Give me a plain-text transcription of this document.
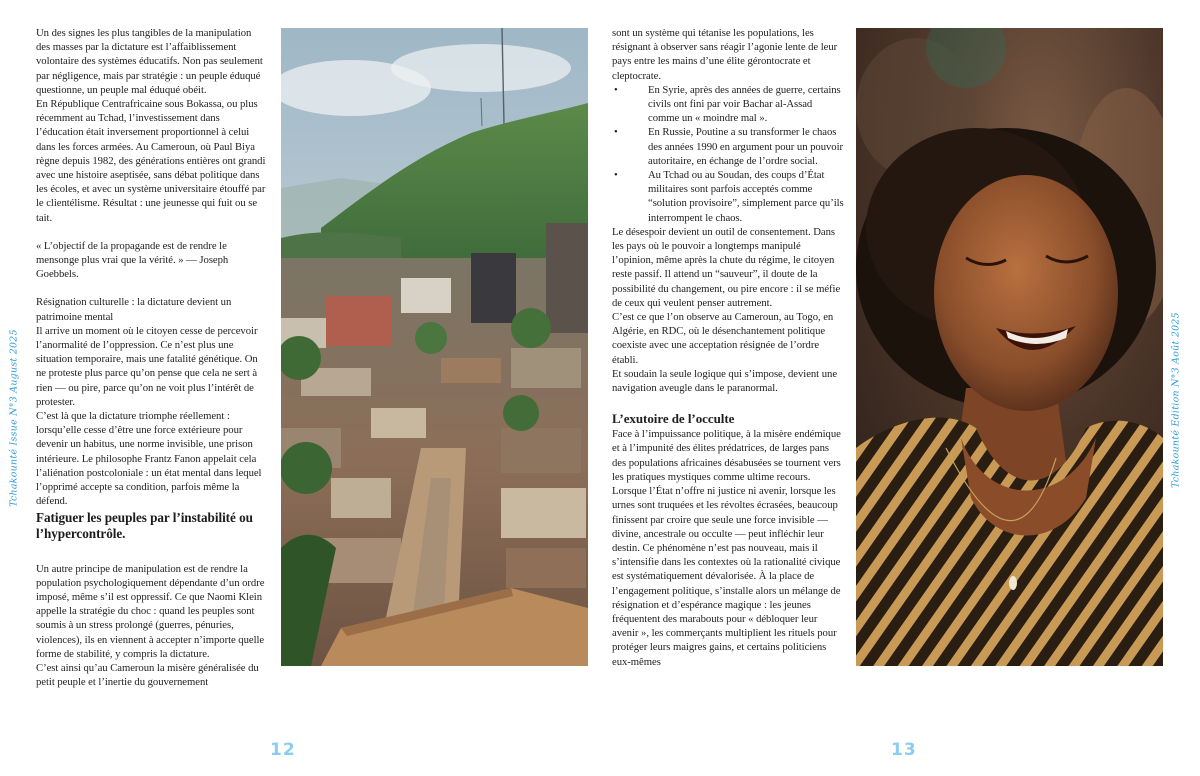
Un des signes les plus tangibles de la manipulation des masses par la dictature est l’affaiblissement volontaire des systèmes éducatifs. Non pas seulement par négligence, mais par stratégie : un peuple éduqué questionne, un peuple mal éduqué obéit.

En République Centrafricaine sous Bokassa, ou plus récemment au Tchad, l’investissement dans l’éducation était inversement proportionnel à celui dans les forces armées. Au Cameroun, où Paul Biya règne depuis 1982, des générations entières ont grandi avec une histoire aseptisée, sans débat politique dans les écoles, et avec un système universitaire étouffé par le clientélisme. Résultat : une jeunesse qui fuit ou se tait.

« L’objectif de la propagande est de rendre le mensonge plus vrai que la vérité. » — Joseph Goebbels.

Résignation culturelle : la dictature devient un patrimoine mental

Il arrive un moment où le citoyen cesse de percevoir l’anormalité de l’oppression. Ce n’est plus une situation temporaire, mais une fatalité génétique. On ne proteste plus parce qu’on pense que cela ne sert à rien — ou pire, parce qu’on ne voit plus l’intérêt de protester.

C’est là que la dictature triomphe réellement : lorsqu’elle cesse d’être une force extérieure pour devenir un habitus, une norme invisible, une prison intérieure. Le philosophe Frantz Fanon appelait cela l’aliénation postcoloniale : un état mental dans lequel l’opprimé accepte sa condition, parfois même la défend.

Fatiguer les peuples par l’instabilité ou l’hypercontrôle.

Un autre principe de manipulation est de rendre la population psychologiquement dépendante d’un ordre imposé, même s’il est oppressif. Ce que Naomi Klein appelle la stratégie du choc : quand les peuples sont soumis à un stress prolongé (guerres, pénuries, violences), ils en viennent à accepter n’importe quelle forme de stabilité, y compris la dictature.

C’est ainsi qu’au Cameroun la misère généralisée du petit peuple et l’inertie du gouvernement

Tchakounté Issue N°3 August 2025
12

sont un système qui tétanise les populations, les résignant à observer sans réagir l’agonie lente de leur pays entre les mains d’une élite gérontocrate et cleptocrate.

•	En Syrie, après des années de guerre, certains civils ont fini par voir Bachar al-Assad comme un « moindre mal ».
•	En Russie, Poutine a su transformer le chaos des années 1990 en argument pour un pouvoir autoritaire, en échange de l’ordre social.
•	Au Tchad ou au Soudan, des coups d’État militaires sont parfois acceptés comme “solution provisoire”, simplement parce qu’ils interrompent le chaos.

Le désespoir devient un outil de consentement. Dans les pays où le pouvoir a longtemps manipulé l’opinion, même après la chute du régime, le citoyen reste passif. Il attend un “sauveur”, il doute de la possibilité du changement, ou pire encore : il se méfie de ceux qui veulent penser autrement.

C’est ce que l’on observe au Cameroun, au Togo, en Algérie, en RDC, où le désenchantement politique coexiste avec une acceptation résignée de l’ordre établi.

Et soudain la seule logique qui s’impose, devient une navigation aveugle dans le paranormal.

L’exutoire de l’occulte

Face à l’impuissance politique, à la misère endémique et à l’impunité des élites prédatrices, de larges pans des populations africaines désabusées se tournent vers les pratiques mystiques comme ultime recours. Lorsque l’État n’offre ni justice ni avenir, lorsque les urnes sont truquées et les révoltes écrasées, beaucoup finissent par croire que seule une force invisible — divine, ancestrale ou occulte — peut infléchir leur destin. Ce phénomène n’est pas nouveau, mais il s’intensifie dans les contextes où la rationalité civique est systématiquement dévalorisée. À la place de l’engagement politique, s’installe alors un mélange de résignation et d’espérance magique : les jeunes fréquentent des marabouts pour « débloquer leur avenir », les commerçants multiplient les rituels pour protéger leurs maigres gains, et certains politiciens eux-mêmes

Tchakounté Edition N°3 Août 2025
13
